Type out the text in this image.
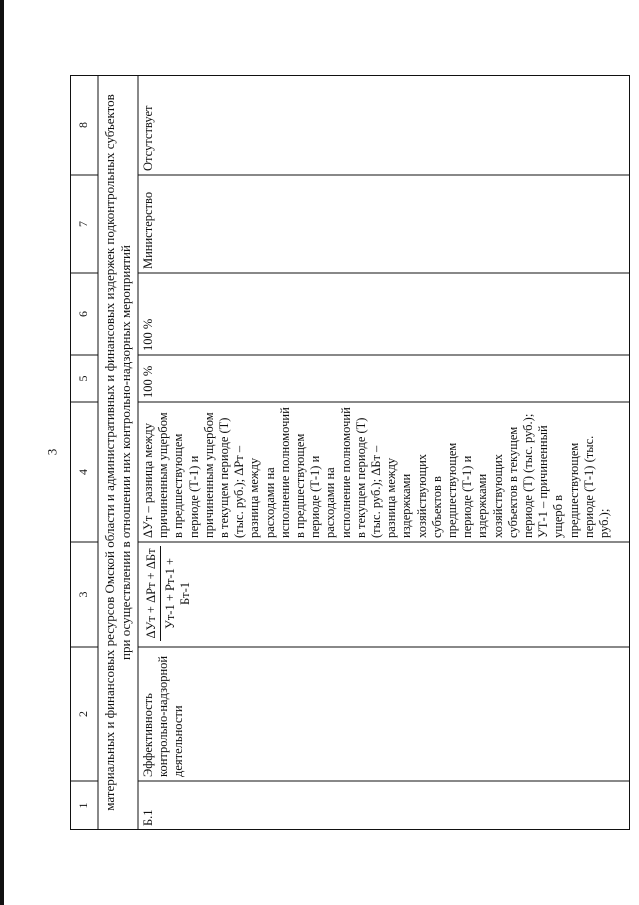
3
1
2
3
4
5
6
7
8 материальных и финансовых ресурсов Омской области и административных и финансовых издержек подконтрольных субъектов при осуществлении в отношении них контрольно-надзорных мероприятий
Б.1
Эффективность контрольно-надзорной деятельности
ΔУт + ΔРт + ΔБт Ут-1 + Рт-1 + Бт-1
ΔУт – разница между причиненным ущербом в предшествующем периоде (Т-1) и причиненным ущербом в текущем периоде (Т) (тыс. руб.); ΔРт – разница между расходами на исполнение полномочий в предшествующем периоде (Т-1) и расходами на исполнение полномочий в текущем периоде (Т) (тыс. руб.); ΔБт – разница между издержками хозяйствующих субъектов в предшествующем периоде (Т-1) и издержками хозяйствующих субъектов в текущем периоде (Т) (тыс. руб.); УТ-1 – причиненный ущерб в предшествующем периоде (Т-1) (тыс. руб.);
100 %
100 %
Министерство
Отсутствует
